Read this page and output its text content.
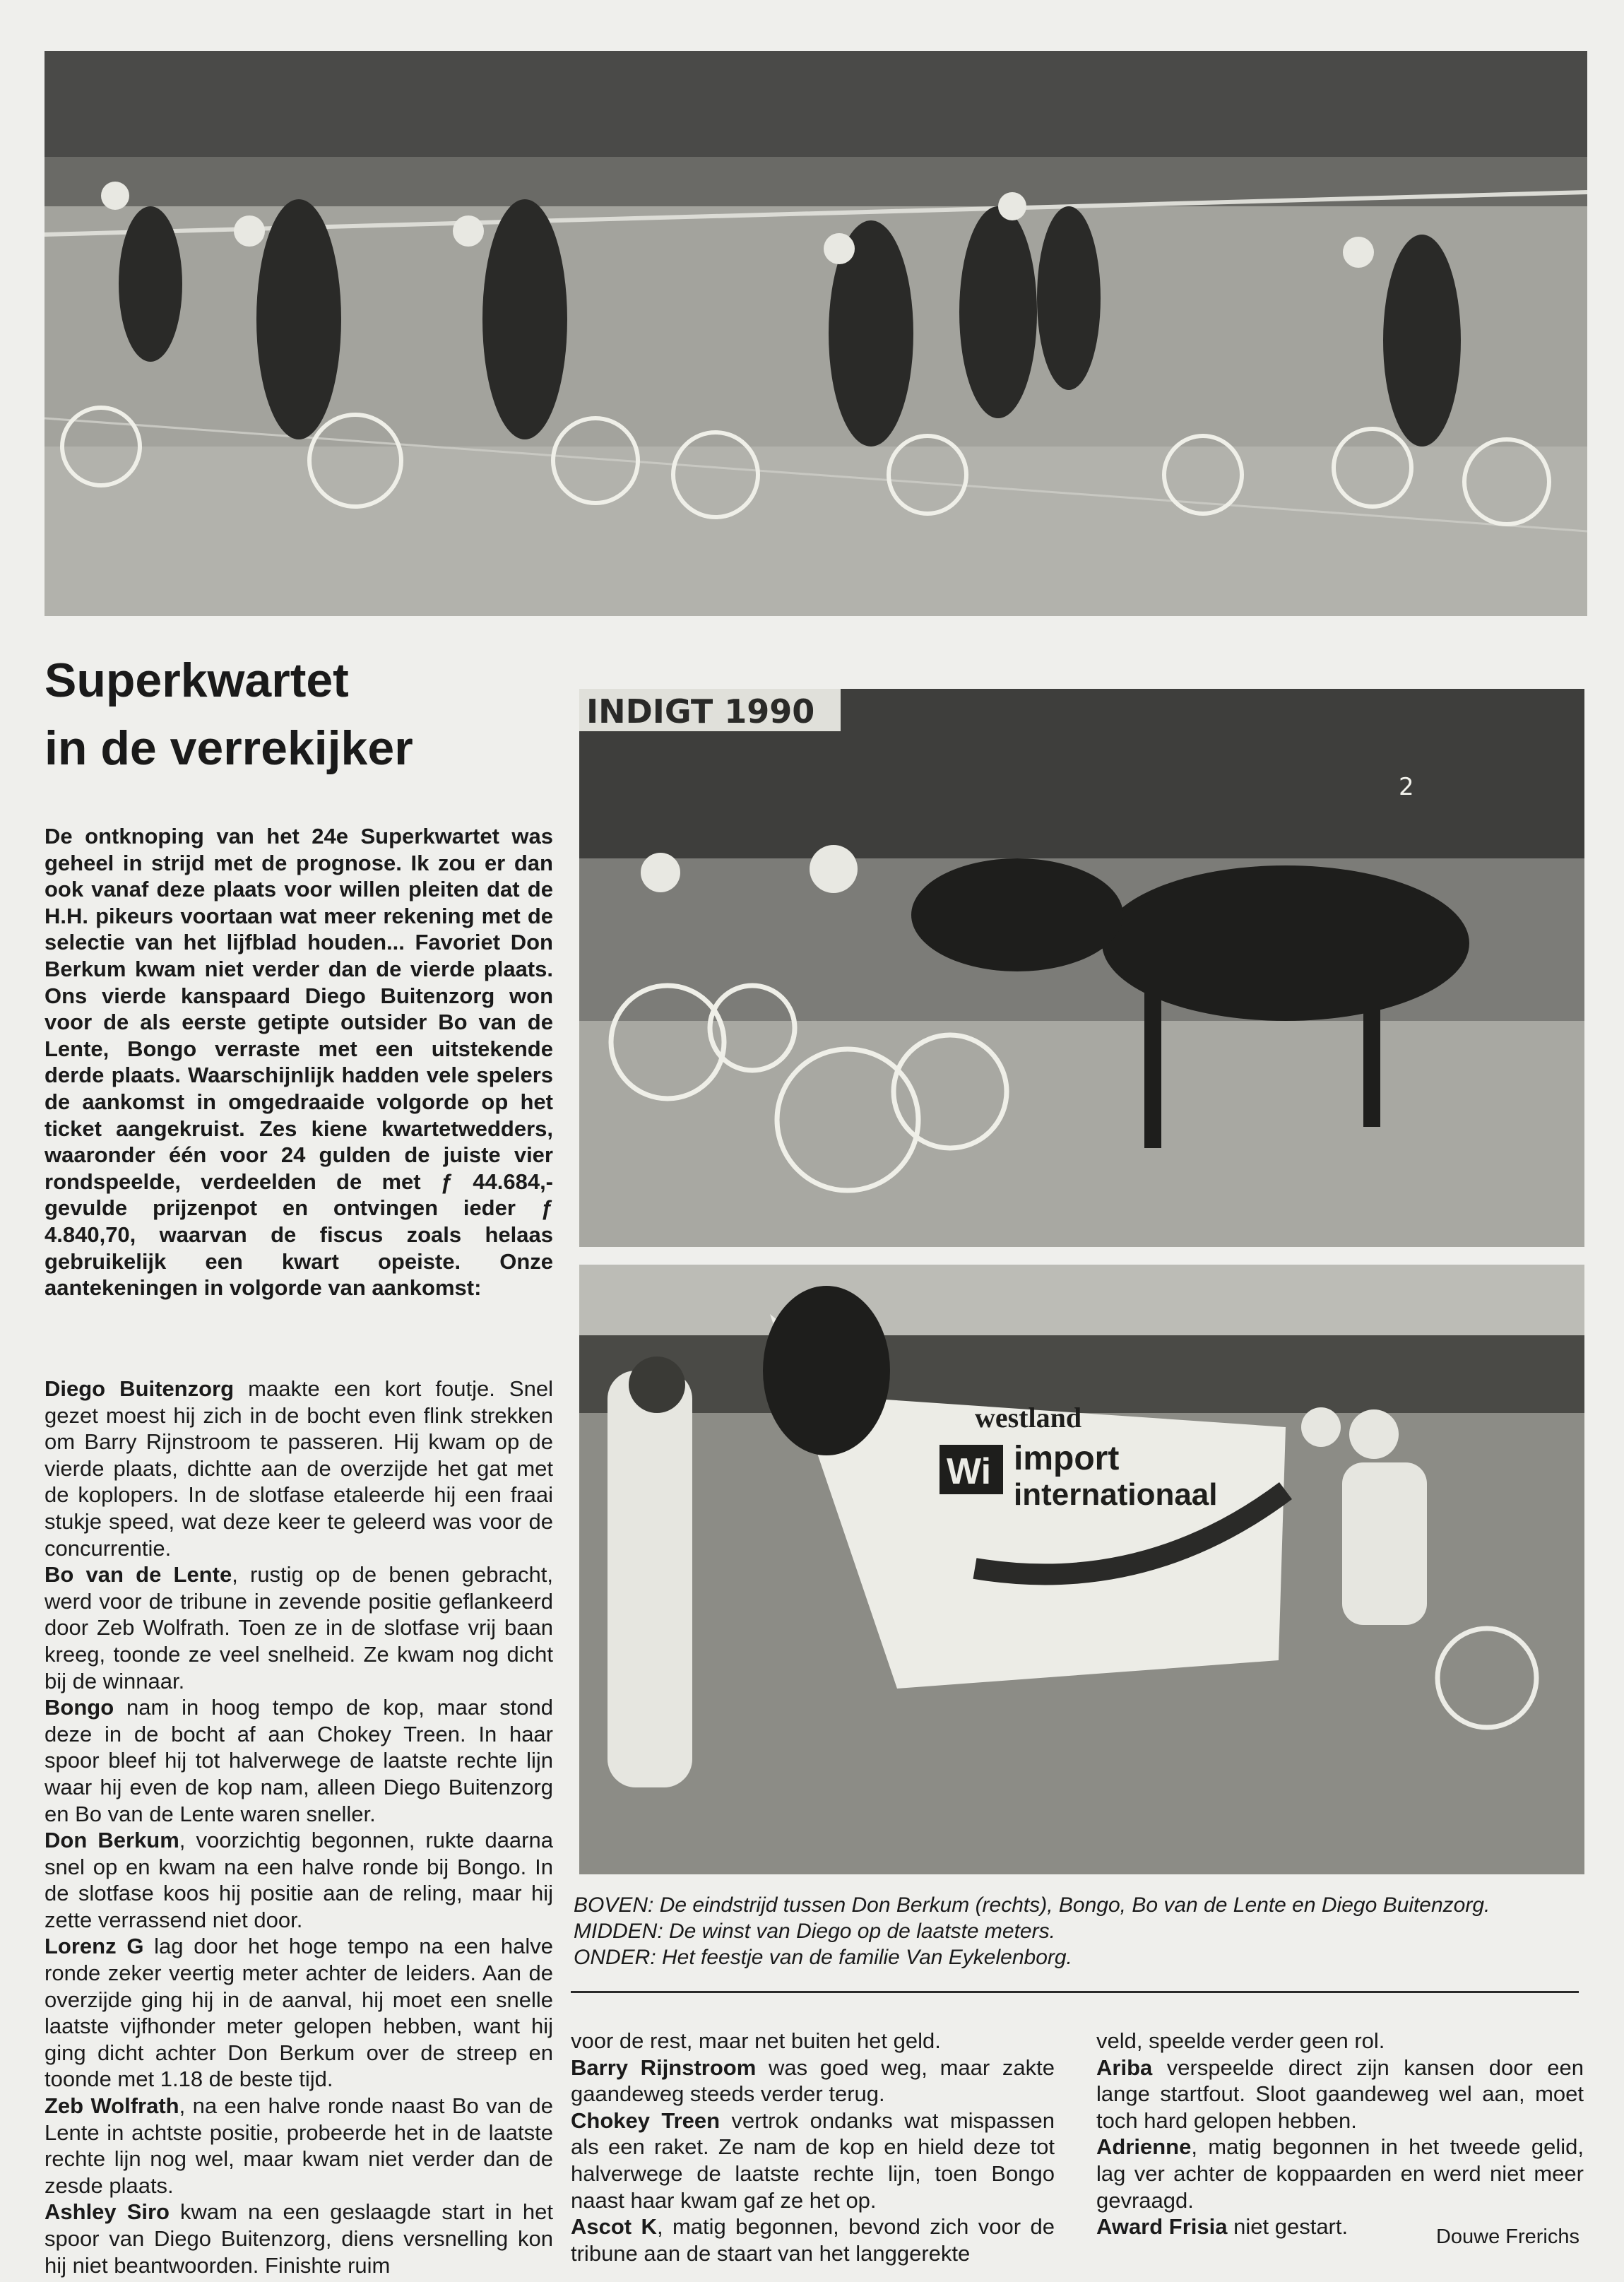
Superkwartet
in de verrekijker

De ontknoping van het 24e Superkwartet was geheel in strijd met de prognose. Ik zou er dan ook vanaf deze plaats voor willen pleiten dat de H.H. pikeurs voortaan wat meer rekening met de selectie van het lijfblad houden... Favoriet Don Berkum kwam niet verder dan de vierde plaats. Ons vierde kanspaard Diego Buitenzorg won voor de als eerste getipte outsider Bo van de Lente, Bongo verraste met een uitstekende derde plaats. Waarschijnlijk hadden vele spelers de aankomst in omgedraaide volgorde op het ticket aangekruist. Zes kiene kwartetwedders, waaronder één voor 24 gulden de juiste vier rondspeelde, verdeelden de met ƒ 44.684,- gevulde prijzenpot en ontvingen ieder ƒ 4.840,70, waarvan de fiscus zoals helaas gebruikelijk een kwart opeiste. Onze aantekeningen in volgorde van aankomst:

Diego Buitenzorg maakte een kort foutje. Snel gezet moest hij zich in de bocht even flink strekken om Barry Rijnstroom te passeren. Hij kwam op de vierde plaats, dichtte aan de overzijde het gat met de koplopers. In de slotfase etaleerde hij een fraai stukje speed, wat deze keer te geleerd was voor de concurrentie.

Bo van de Lente, rustig op de benen gebracht, werd voor de tribune in zevende positie geflankeerd door Zeb Wolfrath. Toen ze in de slotfase vrij baan kreeg, toonde ze veel snelheid. Ze kwam nog dicht bij de winnaar.

Bongo nam in hoog tempo de kop, maar stond deze in de bocht af aan Chokey Treen. In haar spoor bleef hij tot halverwege de laatste rechte lijn waar hij even de kop nam, alleen Diego Buitenzorg en Bo van de Lente waren sneller.

Don Berkum, voorzichtig begonnen, rukte daarna snel op en kwam na een halve ronde bij Bongo. In de slotfase koos hij positie aan de reling, maar hij zette verrassend niet door.

Lorenz G lag door het hoge tempo na een halve ronde zeker veertig meter achter de leiders. Aan de overzijde ging hij in de aanval, hij moet een snelle laatste vijfhonder meter gelopen hebben, want hij ging dicht achter Don Berkum over de streep en toonde met 1.18 de beste tijd.

Zeb Wolfrath, na een halve ronde naast Bo van de Lente in achtste positie, probeerde het in de laatste rechte lijn nog wel, maar kwam niet verder dan de zesde plaats.

Ashley Siro kwam na een geslaagde start in het spoor van Diego Buitenzorg, diens versnelling kon hij niet beantwoorden. Finishte ruim

INDIGT 1990
2
westland
Wi import
internationaal
BOVEN: De eindstrijd tussen Don Berkum (rechts), Bongo, Bo van de Lente en Diego Buitenzorg.
MIDDEN: De winst van Diego op de laatste meters.
ONDER: Het feestje van de familie Van Eykelenborg.

voor de rest, maar net buiten het geld.

Barry Rijnstroom was goed weg, maar zakte gaandeweg steeds verder terug.

Chokey Treen vertrok ondanks wat mispassen als een raket. Ze nam de kop en hield deze tot halverwege de laatste rechte lijn, toen Bongo naast haar kwam gaf ze het op.

Ascot K, matig begonnen, bevond zich voor de tribune aan de staart van het langgerekte

veld, speelde verder geen rol.

Ariba verspeelde direct zijn kansen door een lange startfout. Sloot gaandeweg wel aan, moet toch hard gelopen hebben.

Adrienne, matig begonnen in het tweede gelid, lag ver achter de koppaarden en werd niet meer gevraagd.

Award Frisia niet gestart.	Douwe Frerichs
